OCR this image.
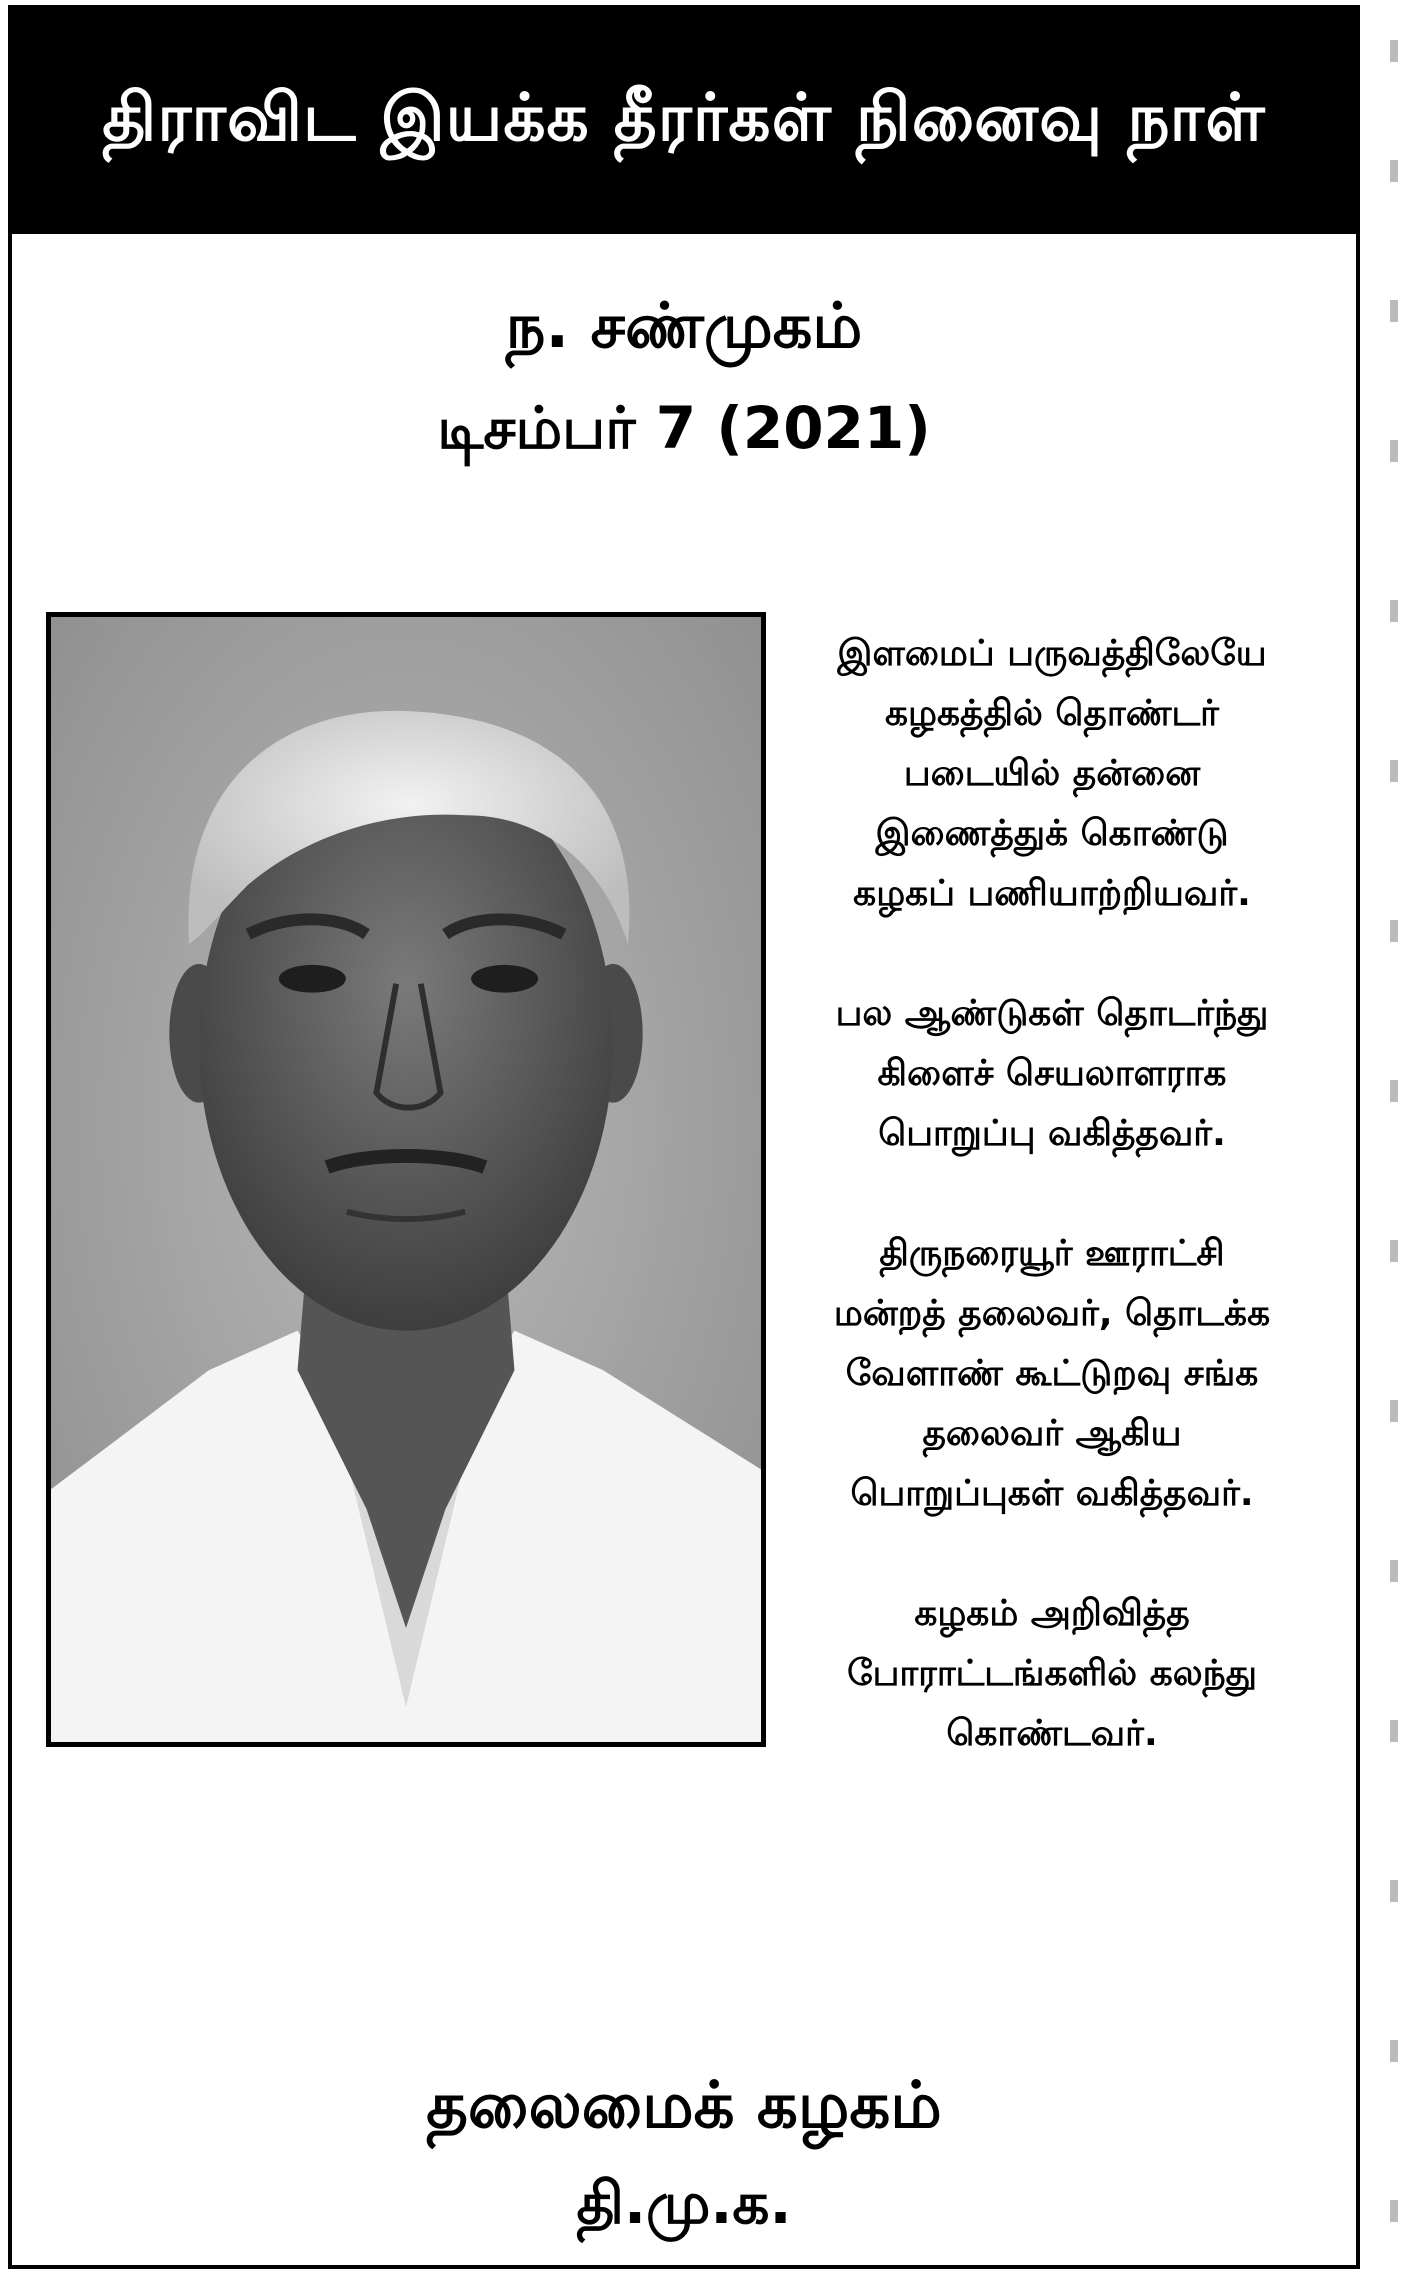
திராவிட இயக்க தீரர்கள் நினைவு நாள்
ந. சண்முகம்
டிசம்பர் 7 (2021)

இளமைப் பருவத்திலேயே
கழகத்தில் தொண்டர்
படையில் தன்னை
இணைத்துக் கொண்டு
கழகப் பணியாற்றியவர்.

பல ஆண்டுகள் தொடர்ந்து
கிளைச் செயலாளராக
பொறுப்பு வகித்தவர்.

திருநரையூர் ஊராட்சி
மன்றத் தலைவர், தொடக்க
வேளாண் கூட்டுறவு சங்க
தலைவர் ஆகிய
பொறுப்புகள் வகித்தவர்.

கழகம் அறிவித்த
போராட்டங்களில் கலந்து
கொண்டவர்.

தலைமைக் கழகம்
தி.மு.க.
